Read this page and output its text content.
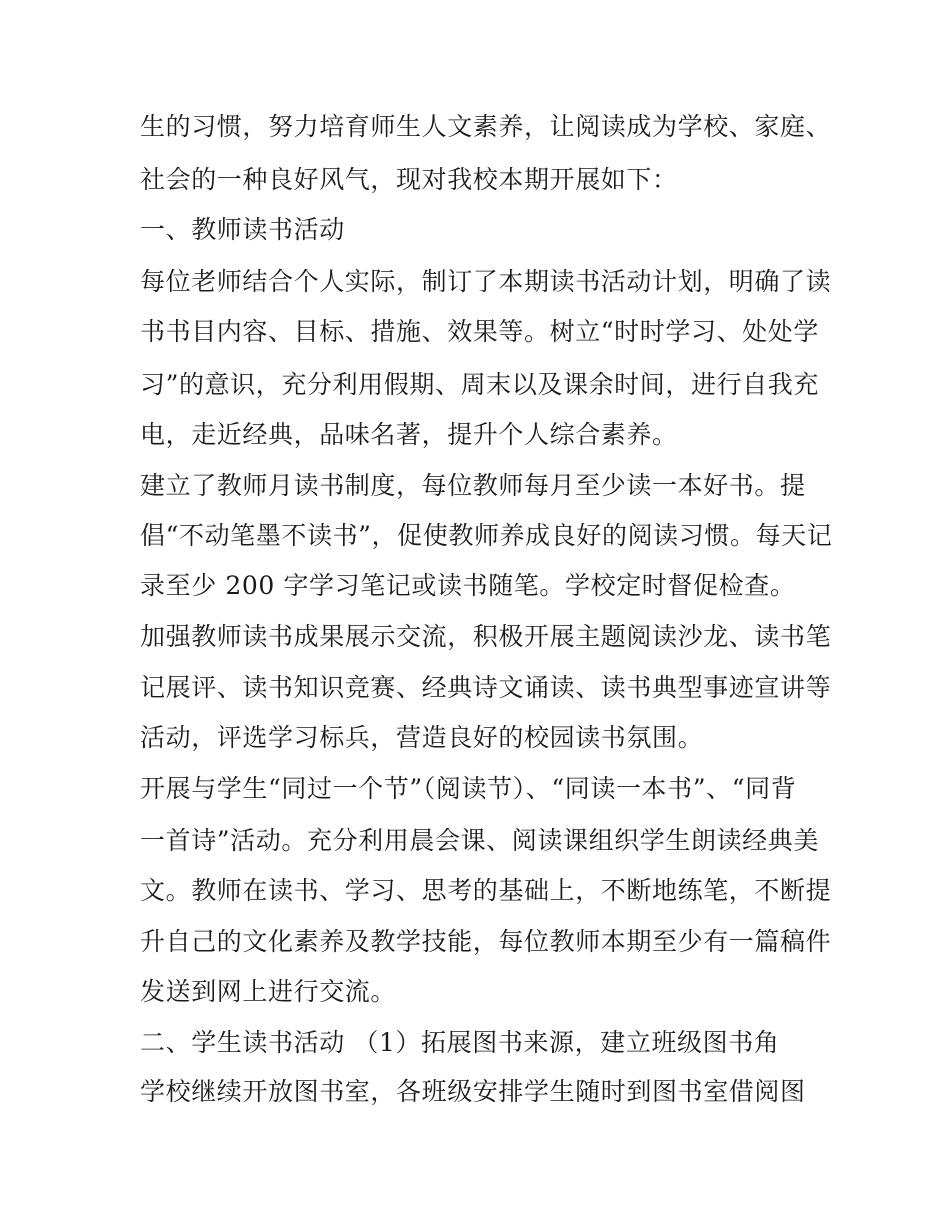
生的习惯，努力培育师生人文素养，让阅读成为学校、家庭、
社会的一种良好风气，现对我校本期开展如下：
一、教师读书活动
每位老师结合个人实际，制订了本期读书活动计划，明确了读
书书目内容、目标、措施、效果等。树立“时时学习、处处学
习”的意识，充分利用假期、周末以及课余时间，进行自我充
电，走近经典，品味名著，提升个人综合素养。
建立了教师月读书制度，每位教师每月至少读一本好书。提
倡“不动笔墨不读书”，促使教师养成良好的阅读习惯。每天记
录至少 200 字学习笔记或读书随笔。学校定时督促检查。
加强教师读书成果展示交流，积极开展主题阅读沙龙、读书笔
记展评、读书知识竞赛、经典诗文诵读、读书典型事迹宣讲等
活动，评选学习标兵，营造良好的校园读书氛围。
开展与学生“同过一个节”（阅读节）、“同读一本书”、“同背
一首诗”活动。充分利用晨会课、阅读课组织学生朗读经典美
文。教师在读书、学习、思考的基础上，不断地练笔，不断提
升自己的文化素养及教学技能，每位教师本期至少有一篇稿件
发送到网上进行交流。
二、学生读书活动 （1）拓展图书来源，建立班级图书角
学校继续开放图书室，各班级安排学生随时到图书室借阅图
